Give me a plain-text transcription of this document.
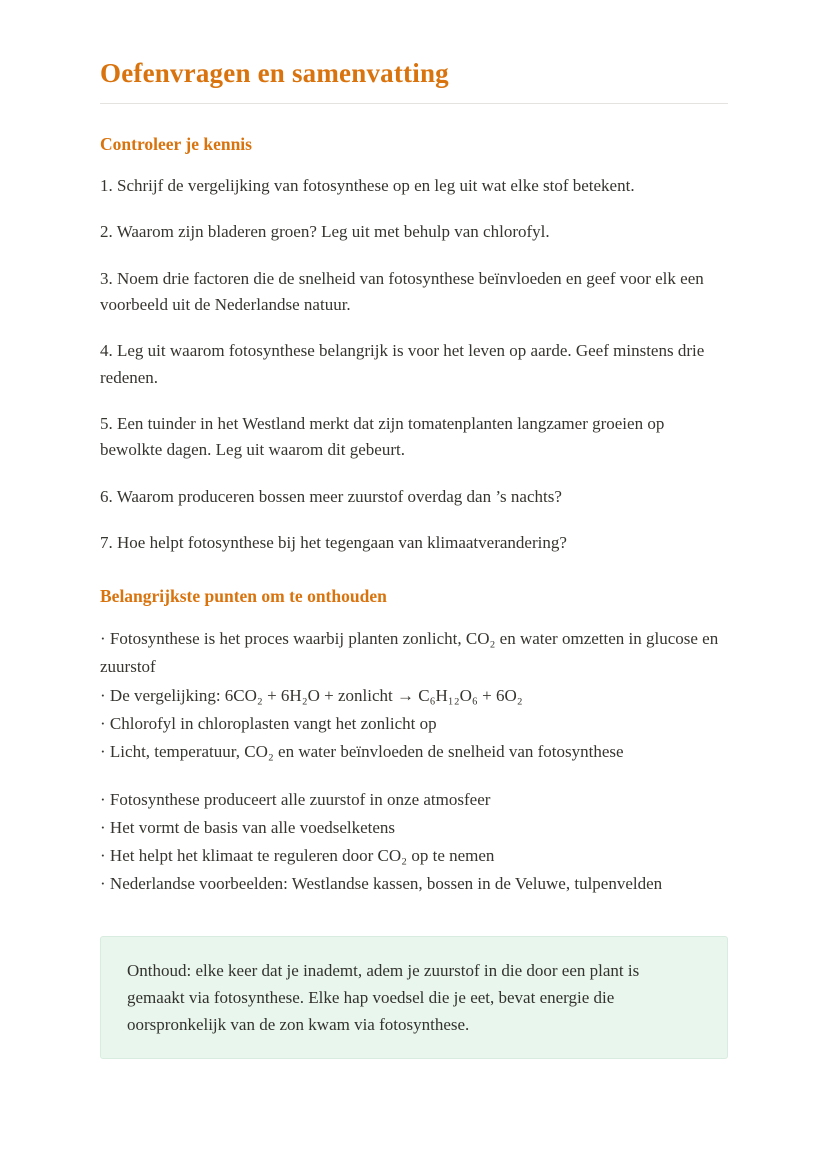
Oefenvragen en samenvatting
Controleer je kennis

1. Schrijf de vergelijking van fotosynthese op en leg uit wat elke stof betekent.

2. Waarom zijn bladeren groen? Leg uit met behulp van chlorofyl.

3. Noem drie factoren die de snelheid van fotosynthese beïnvloeden en geef voor elk een voorbeeld uit de Nederlandse natuur.

4. Leg uit waarom fotosynthese belangrijk is voor het leven op aarde. Geef minstens drie redenen.

5. Een tuinder in het Westland merkt dat zijn tomatenplanten langzamer groeien op bewolkte dagen. Leg uit waarom dit gebeurt.

6. Waarom produceren bossen meer zuurstof overdag dan ’s nachts?

7. Hoe helpt fotosynthese bij het tegengaan van klimaatverandering?

Belangrijkste punten om te onthouden
· Fotosynthese is het proces waarbij planten zonlicht, CO₂ en water omzetten in glucose en zuurstof
· De vergelijking: 6CO₂ + 6H₂O + zonlicht → C₆H₁₂O₆ + 6O₂
· Chlorofyl in chloroplasten vangt het zonlicht op
· Licht, temperatuur, CO₂ en water beïnvloeden de snelheid van fotosynthese
· Fotosynthese produceert alle zuurstof in onze atmosfeer
· Het vormt de basis van alle voedselketens
· Het helpt het klimaat te reguleren door CO₂ op te nemen
· Nederlandse voorbeelden: Westlandse kassen, bossen in de Veluwe, tulpenvelden

Onthoud: elke keer dat je inademt, adem je zuurstof in die door een plant is gemaakt via fotosynthese. Elke hap voedsel die je eet, bevat energie die oorspronkelijk van de zon kwam via fotosynthese.
